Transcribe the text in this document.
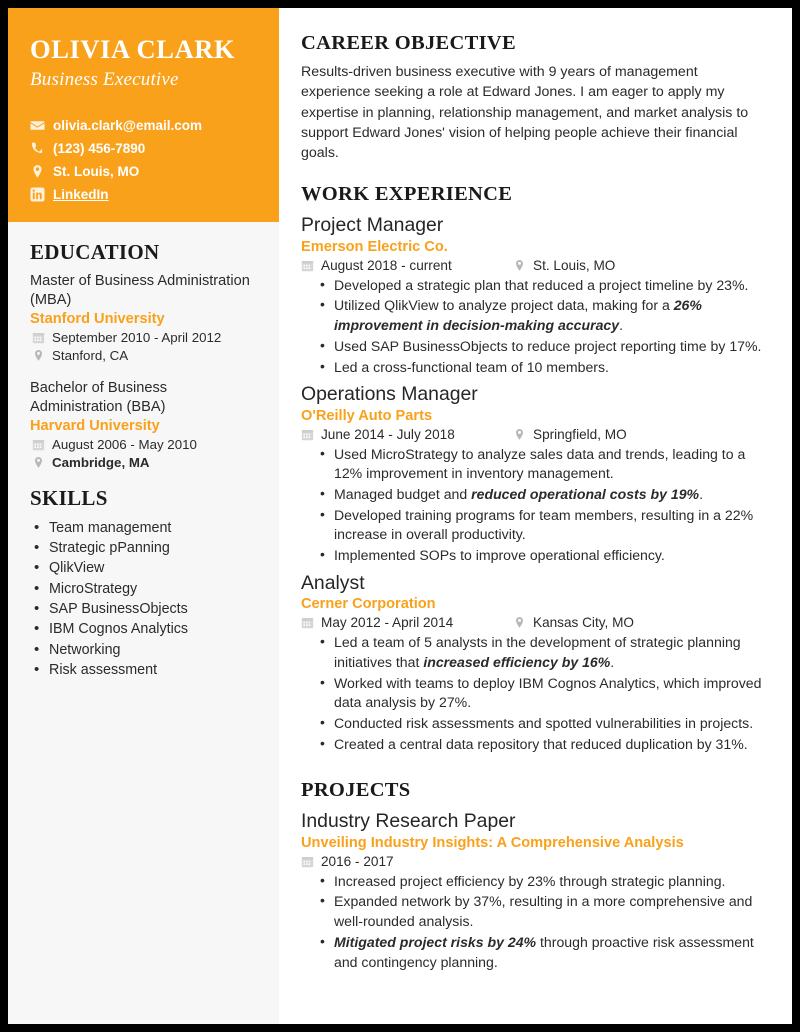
OLIVIA CLARK
Business Executive
olivia.clark@email.com
(123) 456-7890
St. Louis, MO
LinkedIn
EDUCATION
Master of Business Administration (MBA)
Stanford University
September 2010 - April 2012
Stanford, CA
Bachelor of Business Administration (BBA)
Harvard University
August 2006 - May 2010
Cambridge, MA
SKILLS
• Team management
• Strategic pPanning
• QlikView
• MicroStrategy
• SAP BusinessObjects
• IBM Cognos Analytics
• Networking
• Risk assessment
CAREER OBJECTIVE
Results-driven business executive with 9 years of management experience seeking a role at Edward Jones. I am eager to apply my expertise in planning, relationship management, and market analysis to support Edward Jones' vision of helping people achieve their financial goals.
WORK EXPERIENCE
Project Manager
Emerson Electric Co.
August 2018 - current	St. Louis, MO
• Developed a strategic plan that reduced a project timeline by 23%.
• Utilized QlikView to analyze project data, making for a 26% improvement in decision-making accuracy.
• Used SAP BusinessObjects to reduce project reporting time by 17%.
• Led a cross-functional team of 10 members.
Operations Manager
O'Reilly Auto Parts
June 2014 - July 2018	Springfield, MO
• Used MicroStrategy to analyze sales data and trends, leading to a 12% improvement in inventory management.
• Managed budget and reduced operational costs by 19%.
• Developed training programs for team members, resulting in a 22% increase in overall productivity.
• Implemented SOPs to improve operational efficiency.
Analyst
Cerner Corporation
May 2012 - April 2014	Kansas City, MO
• Led a team of 5 analysts in the development of strategic planning initiatives that increased efficiency by 16%.
• Worked with teams to deploy IBM Cognos Analytics, which improved data analysis by 27%.
• Conducted risk assessments and spotted vulnerabilities in projects.
• Created a central data repository that reduced duplication by 31%.
PROJECTS
Industry Research Paper
Unveiling Industry Insights: A Comprehensive Analysis
2016 - 2017
• Increased project efficiency by 23% through strategic planning.
• Expanded network by 37%, resulting in a more comprehensive and well-rounded analysis.
• Mitigated project risks by 24% through proactive risk assessment and contingency planning.
